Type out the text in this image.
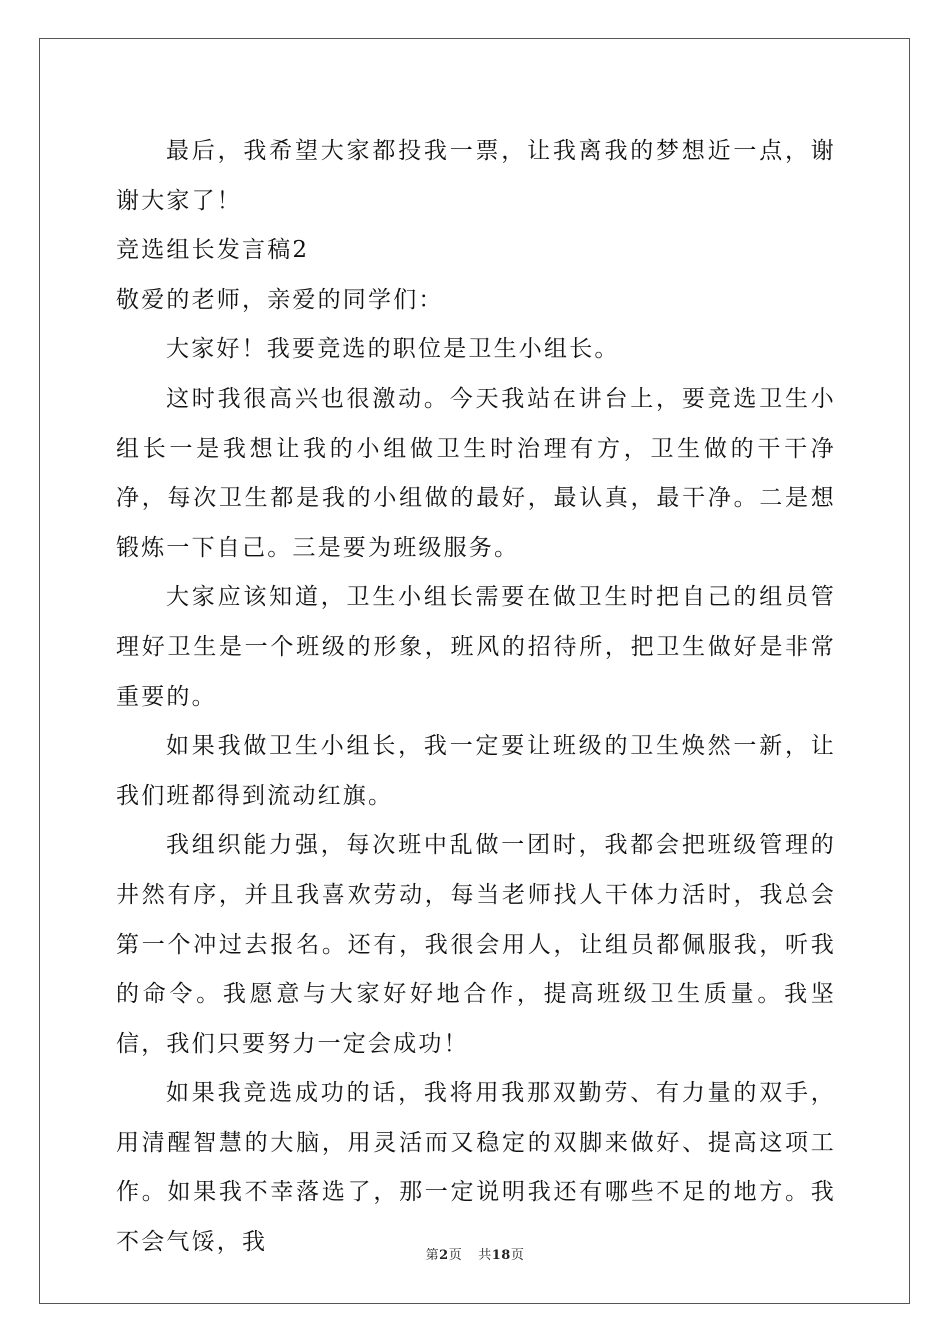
最后，我希望大家都投我一票，让我离我的梦想近一点，谢谢大家了！

竞选组长发言稿2

敬爱的老师，亲爱的同学们：

大家好！我要竞选的职位是卫生小组长。

这时我很高兴也很激动。今天我站在讲台上，要竞选卫生小组长一是我想让我的小组做卫生时治理有方，卫生做的干干净净，每次卫生都是我的小组做的最好，最认真，最干净。二是想锻炼一下自己。三是要为班级服务。

大家应该知道，卫生小组长需要在做卫生时把自己的组员管理好卫生是一个班级的形象，班风的招待所，把卫生做好是非常重要的。

如果我做卫生小组长，我一定要让班级的卫生焕然一新，让我们班都得到流动红旗。

我组织能力强，每次班中乱做一团时，我都会把班级管理的井然有序，并且我喜欢劳动，每当老师找人干体力活时，我总会第一个冲过去报名。还有，我很会用人，让组员都佩服我，听我的命令。我愿意与大家好好地合作，提高班级卫生质量。我坚信，我们只要努力一定会成功！

如果我竞选成功的话，我将用我那双勤劳、有力量的双手，用清醒智慧的大脑，用灵活而又稳定的双脚来做好、提高这项工作。如果我不幸落选了，那一定说明我还有哪些不足的地方。我不会气馁，我

第2页 共18页
